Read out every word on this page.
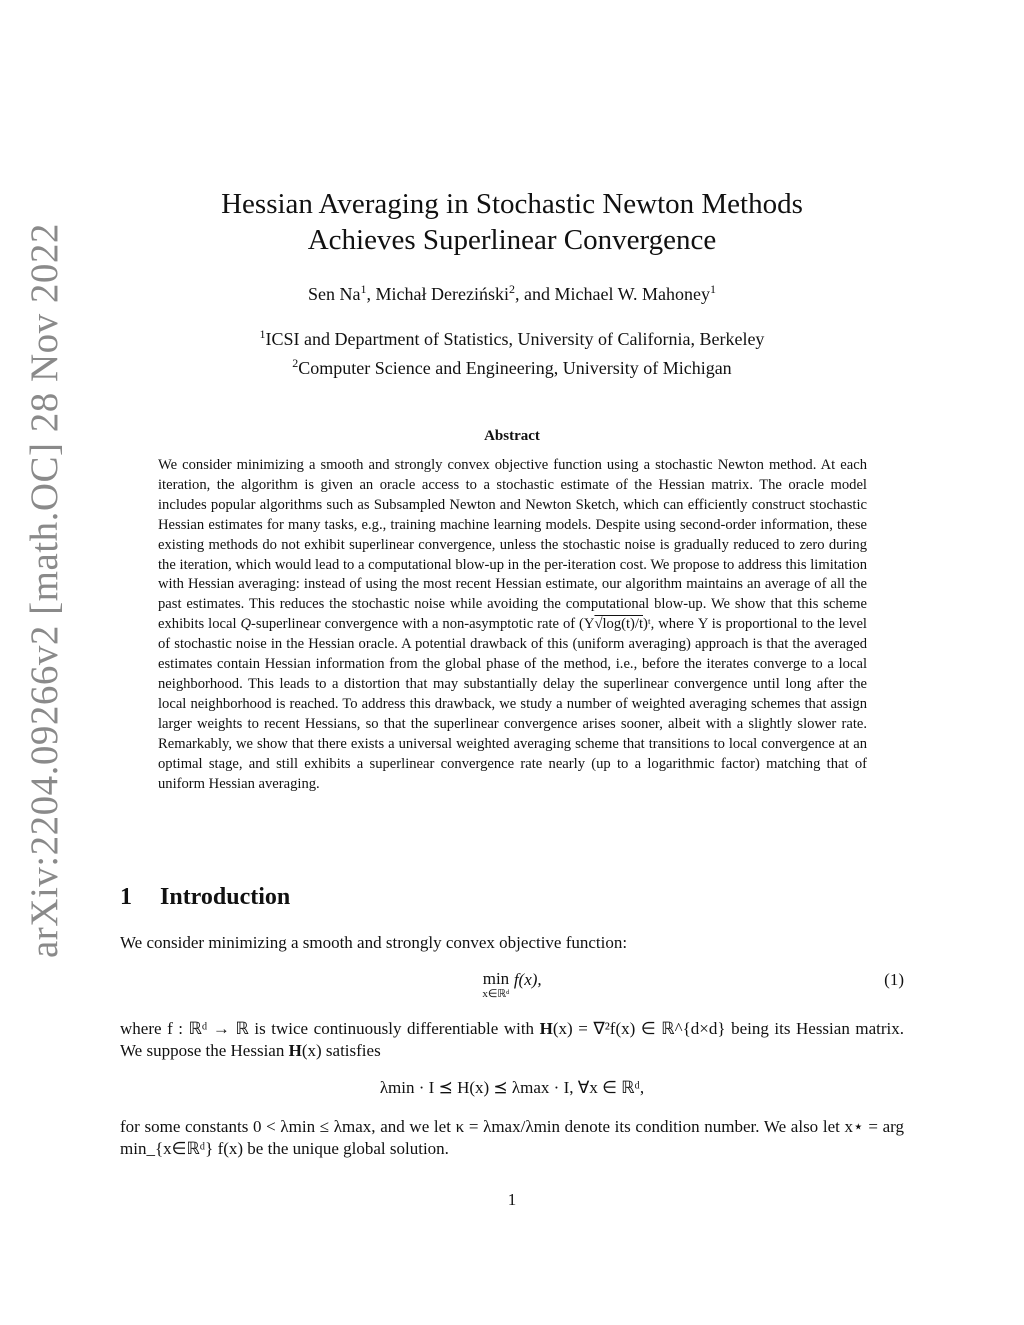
arXiv:2204.09266v2 [math.OC] 28 Nov 2022
Hessian Averaging in Stochastic Newton Methods
Achieves Superlinear Convergence
Sen Na$^1$, Michał Dereziński$^2$, and Michael W. Mahoney$^1$
$^1$ICSI and Department of Statistics, University of California, Berkeley
$^2$Computer Science and Engineering, University of Michigan
Abstract
We consider minimizing a smooth and strongly convex objective function using a stochastic Newton method. At each iteration, the algorithm is given an oracle access to a stochastic estimate of the Hessian matrix. The oracle model includes popular algorithms such as Subsampled Newton and Newton Sketch, which can efficiently construct stochastic Hessian estimates for many tasks, e.g., training machine learning models. Despite using second-order information, these existing methods do not exhibit superlinear convergence, unless the stochastic noise is gradually reduced to zero during the iteration, which would lead to a computational blow-up in the per-iteration cost. We propose to address this limitation with Hessian averaging: instead of using the most recent Hessian estimate, our algorithm maintains an average of all the past estimates. This reduces the stochastic noise while avoiding the computational blow-up. We show that this scheme exhibits local Q-superlinear convergence with a non-asymptotic rate of (Υ√log(t)/t)ᵗ, where Υ is proportional to the level of stochastic noise in the Hessian oracle. A potential drawback of this (uniform averaging) approach is that the averaged estimates contain Hessian information from the global phase of the method, i.e., before the iterates converge to a local neighborhood. This leads to a distortion that may substantially delay the superlinear convergence until long after the local neighborhood is reached. To address this drawback, we study a number of weighted averaging schemes that assign larger weights to recent Hessians, so that the superlinear convergence arises sooner, albeit with a slightly slower rate. Remarkably, we show that there exists a universal weighted averaging scheme that transitions to local convergence at an optimal stage, and still exhibits a superlinear convergence rate nearly (up to a logarithmic factor) matching that of uniform Hessian averaging.
1 Introduction
We consider minimizing a smooth and strongly convex objective function:
min
x∈ℝᵈ
f(x),	(1)
where f : ℝᵈ → ℝ is twice continuously differentiable with H(x) = ∇²f(x) ∈ ℝ^{d×d} being its Hessian matrix. We suppose the Hessian H(x) satisfies
λmin · I ⪯ H(x) ⪯ λmax · I, ∀x ∈ ℝᵈ,
for some constants 0 < λmin ≤ λmax, and we let κ = λmax/λmin denote its condition number. We also let x⋆ = arg min_{x∈ℝᵈ} f(x) be the unique global solution.
1
